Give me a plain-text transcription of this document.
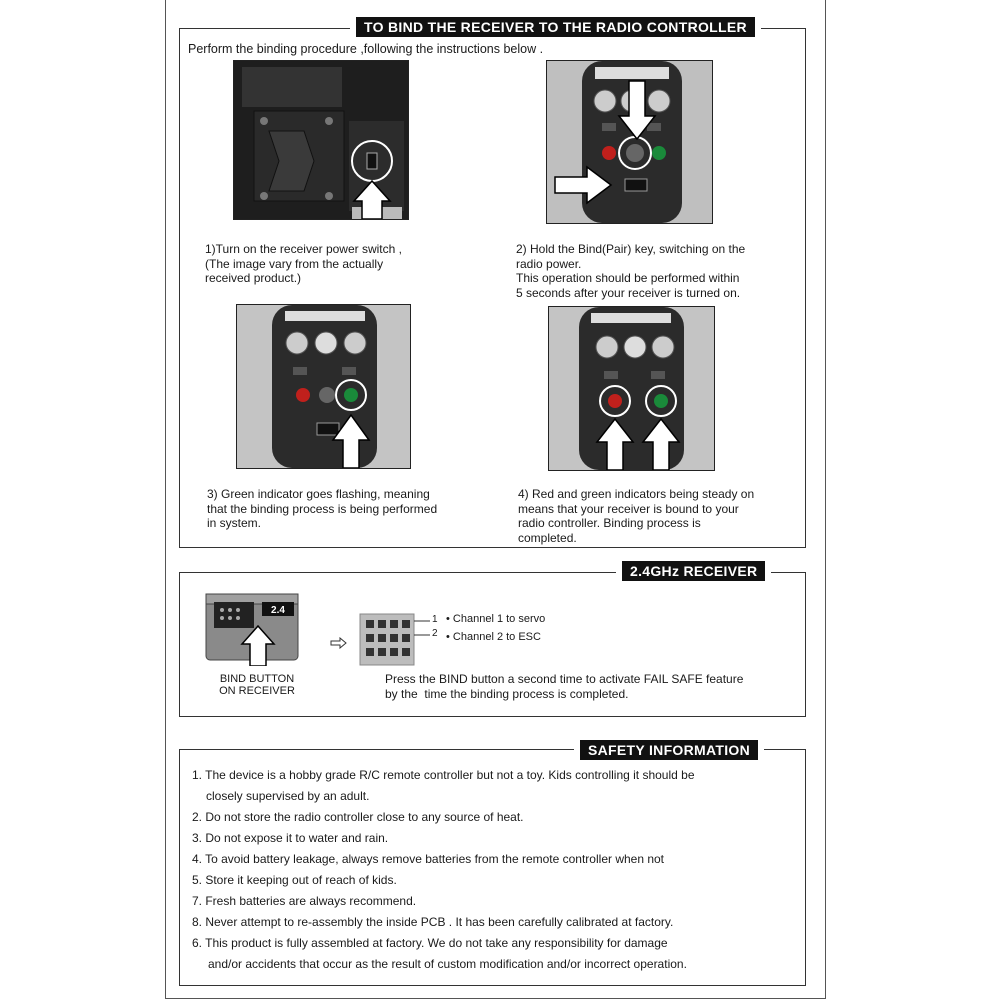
TO BIND THE RECEIVER TO THE RADIO CONTROLLER
Perform the binding procedure ,following the instructions below .
1)Turn on the receiver power switch ,
(The image vary from the actually
received product.)
2) Hold the Bind(Pair) key, switching on the
radio power.
This operation should be performed within
5 seconds after your receiver is turned on.
3) Green indicator goes flashing, meaning
that the binding process is being performed
in system.
4) Red and green indicators being steady on
means that your receiver is bound to your
radio controller. Binding process is
completed.
2.4GHz RECEIVER
2.4
BIND BUTTON
ON RECEIVER
1
2
• Channel 1 to servo
• Channel 2 to ESC
Press the BIND button a second time to activate FAIL SAFE feature
by the  time the binding process is completed.
SAFETY INFORMATION
1. The device is a hobby grade R/C remote controller but not a toy. Kids controlling it should be
closely supervised by an adult.
2. Do not store the radio controller close to any source of heat.
3. Do not expose it to water and rain.
4. To avoid battery leakage, always remove batteries from the remote controller when not
5. Store it keeping out of reach of kids.
7. Fresh batteries are always recommend.
8. Never attempt to re-assembly the inside PCB . It has been carefully calibrated at factory.
6. This product is fully assembled at factory. We do not take any responsibility for damage
and/or accidents that occur as the result of custom modification and/or incorrect operation.
